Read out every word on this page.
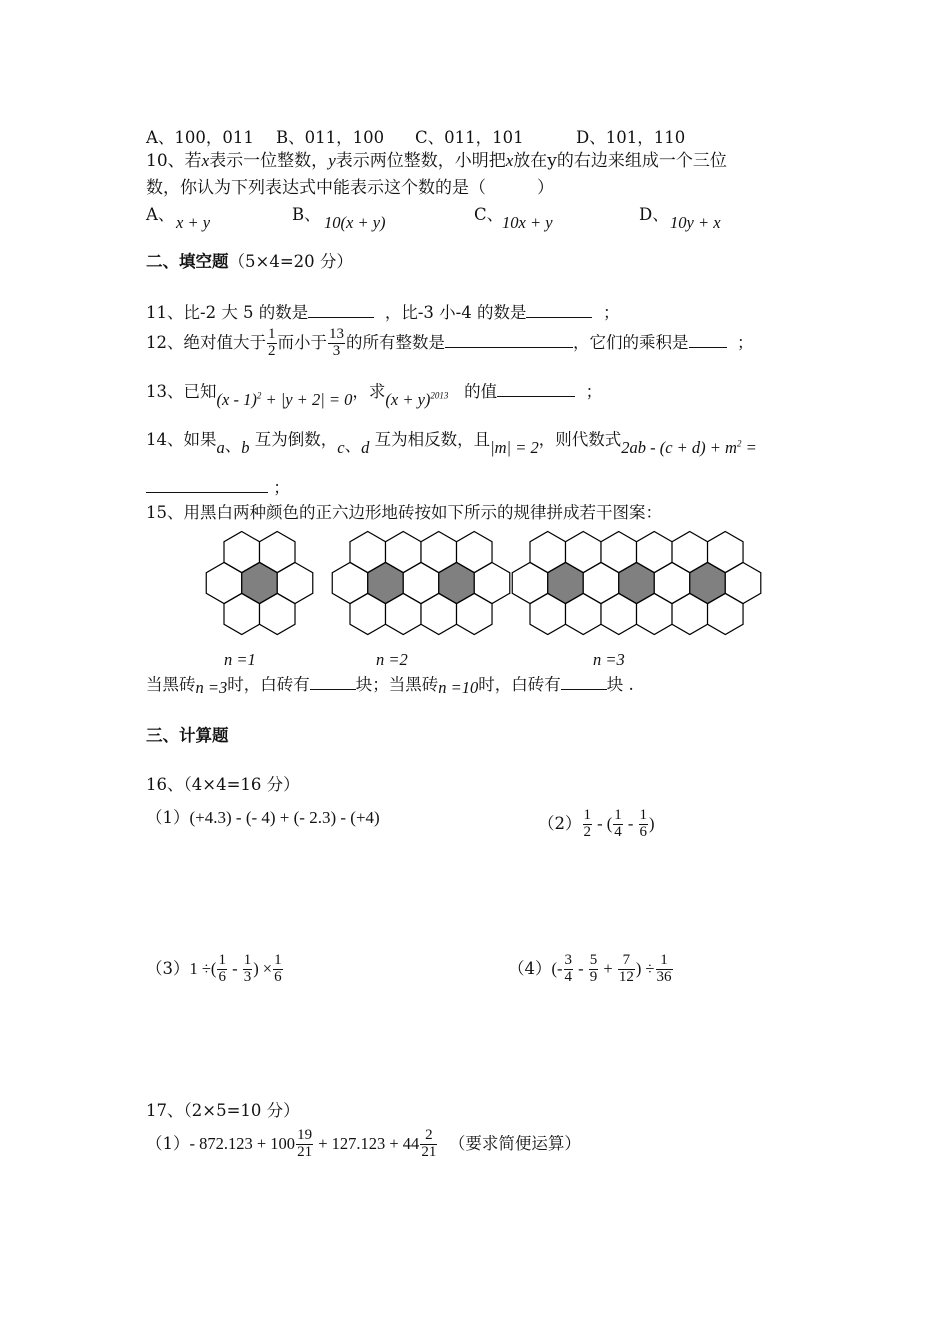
A、100，011 B、011，100 C、011，101	D、101，110
10、若x表示一位整数，y表示两位整数，小明把x放在y的右边来组成一个三位
数，你认为下列表达式中能表示这个数的是（　　　）
A、 x + y	B、 10(x + y)	C、
10x + y	D、 10y + x
二、填空题（5×4=20 分）
11、比-2 大 5 的数是	，比-3 小-4 的数是	；
12、绝对值大于 $\frac{1}{2}$ 而小于 $\frac{13}{3}$ 的所有整数是	，它们的乘积是	；
13、已知(x - 1)$^2$ + |y + 2| = 0，求$(x + y)^{2013}$ 的值	；
14、如果a、b 互为倒数，c、d 互为相反数，且|m| = 2，则代数式$2ab - (c + d) + m^2$ =
；
15、用黑白两种颜色的正六边形地砖按如下所示的规律拼成若干图案：
n =1	n =2	n =3
当黑砖n =3时，白砖有	块；当黑砖n =10时，白砖有	块 .
三、计算题
16、（4×4=16 分）
（1）(+4.3) - (- 4) + (- 2.3) - (+4)	$(2) \frac{1}{2}$ - ( $\frac{1}{4} - \frac{1}{6}$ )
（3）1 ÷( $\frac{1}{6} - \frac{1}{3}$ ) × $\frac{1}{6}$	$(4)(- \frac{3}{4} - \frac{5}{9} + \frac{7}{12}$ ) ÷ $\frac{1}{36}$
17、（2×5=10 分）
（1）- $872.123 + 100 \frac{19}{21} + 127.123 + 44 \frac{2}{21}$ （要求简便运算）
